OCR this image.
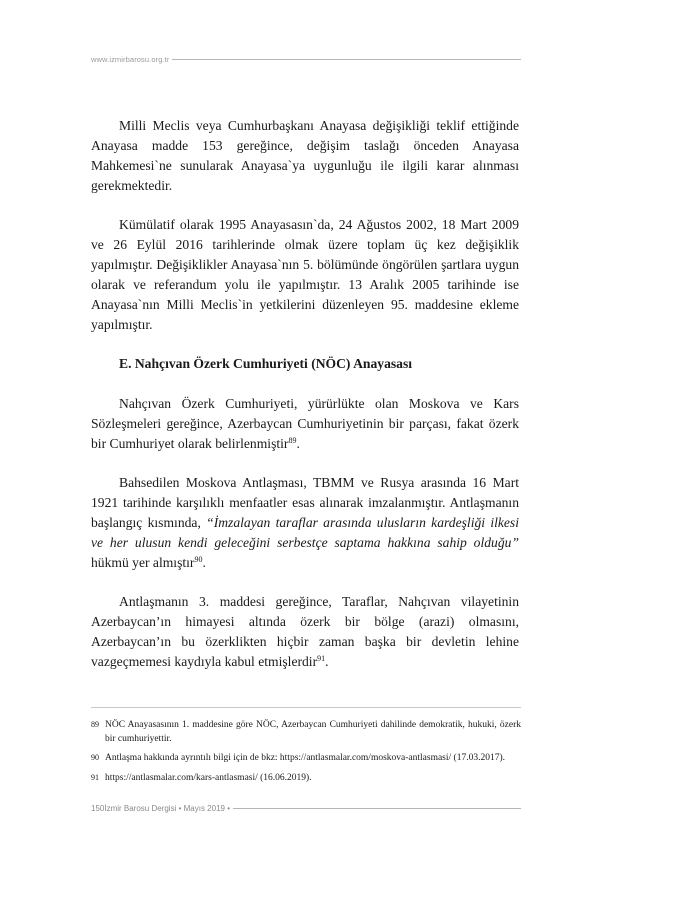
www.izmirbarosu.org.tr

Milli Meclis veya Cumhurbaşkanı Anayasa değişikliği teklif ettiğinde Anayasa madde 153 gereğince, değişim taslağı önceden Anayasa Mahkemesi`ne sunularak Anayasa`ya uygunluğu ile ilgili karar alınması gerekmektedir.

Kümülatif olarak 1995 Anayasasın`da, 24 Ağustos 2002, 18 Mart 2009 ve 26 Eylül 2016 tarihlerinde olmak üzere toplam üç kez değişiklik yapılmıştır. Değişiklikler Anayasa`nın 5. bölümünde öngörülen şartlara uygun olarak ve referandum yolu ile yapılmıştır. 13 Aralık 2005 tarihinde ise Anayasa`nın Milli Meclis`in yetkilerini düzenleyen 95. maddesine ekleme yapılmıştır.

E. Nahçıvan Özerk Cumhuriyeti (NÖC) Anayasası

Nahçıvan Özerk Cumhuriyeti, yürürlükte olan Moskova ve Kars Sözleşmeleri gereğince, Azerbaycan Cumhuriyetinin bir parçası, fakat özerk bir Cumhuriyet olarak belirlenmiştir$^{89}$.

Bahsedilen Moskova Antlaşması, TBMM ve Rusya arasında 16 Mart 1921 tarihinde karşılıklı menfaatler esas alınarak imzalanmıştır. Antlaşmanın başlangıç kısmında, “İmzalayan taraflar arasında ulusların kardeşliği ilkesi ve her ulusun kendi geleceğini serbestçe saptama hakkına sahip olduğu” hükmü yer almıştır$^{90}$.

Antlaşmanın 3. maddesi gereğince, Taraflar, Nahçıvan vilayetinin Azerbaycan’ın himayesi altında özerk bir bölge (arazi) olmasını, Azerbaycan’ın bu özerklikten hiçbir zaman başka bir devletin lehine vazgeçmemesi kaydıyla kabul etmişlerdir$^{91}$.

89 NÖC Anayasasının 1. maddesine göre NÖC, Azerbaycan Cumhuriyeti dahilinde demokratik, hukuki, özerk bir cumhuriyettir.
90 Antlaşma hakkında ayrıntılı bilgi için de bkz: https://antlasmalar.com/moskova-antlasmasi/ (17.03.2017).
91 https://antlasmalar.com/kars-antlasmasi/ (16.06.2019).
150İzmir Barosu Dergisi • Mayıs 2019 •
